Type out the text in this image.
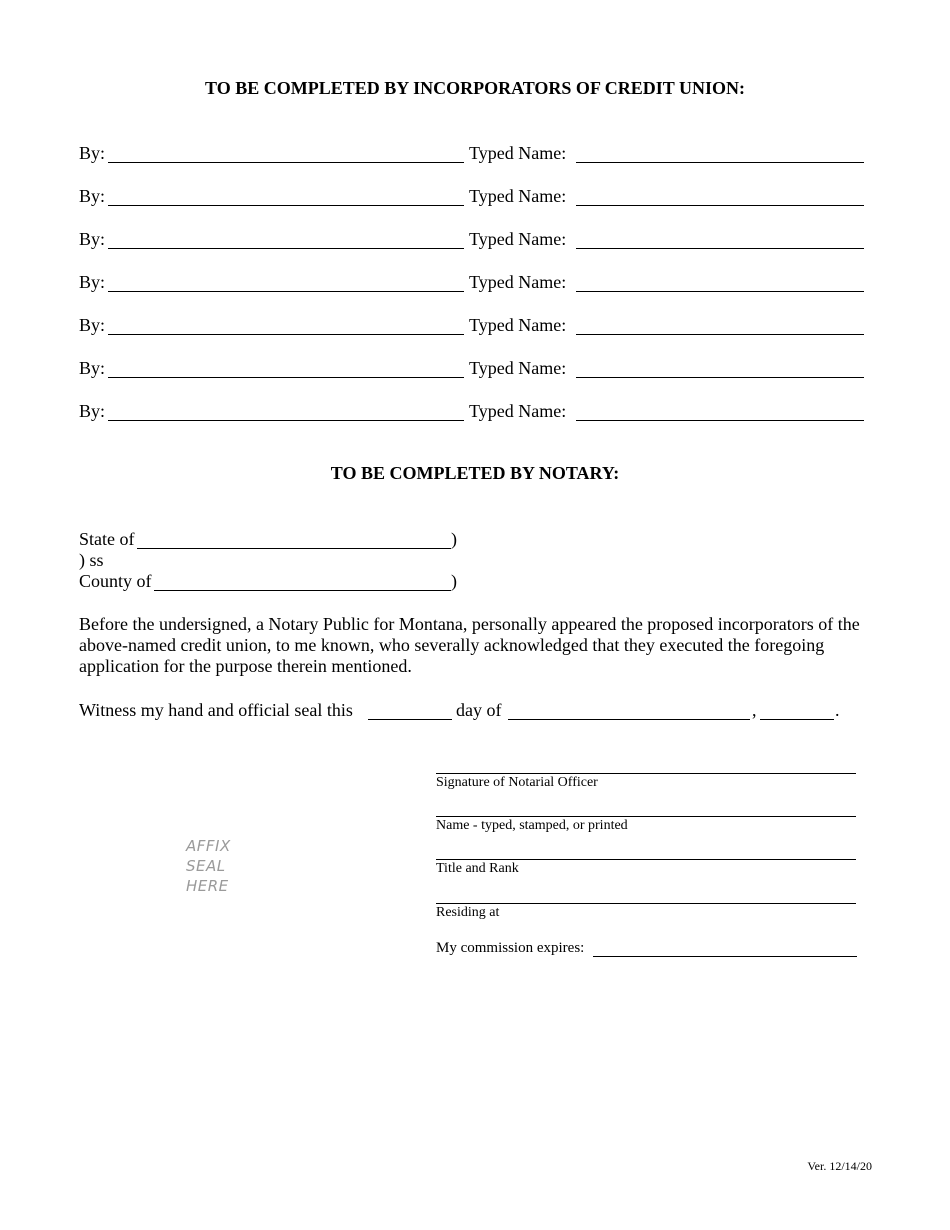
TO BE COMPLETED BY INCORPORATORS OF CREDIT UNION:
By:	Typed Name:
By:	Typed Name:
By:	Typed Name:
By:	Typed Name:
By:	Typed Name:
By:	Typed Name:
By:	Typed Name:
TO BE COMPLETED BY NOTARY:
State of	)
) ss
County of	)
Before the undersigned, a Notary Public for Montana, personally appeared the proposed incorporators of the above-named credit union, to me known, who severally acknowledged that they executed the foregoing application for the purpose therein mentioned.
Witness my hand and official seal this	day of	,	.
AFFIX
SEAL
HERE
Signature of Notarial Officer
Name - typed, stamped, or printed
Title and Rank
Residing at
My commission expires:
Ver. 12/14/20
